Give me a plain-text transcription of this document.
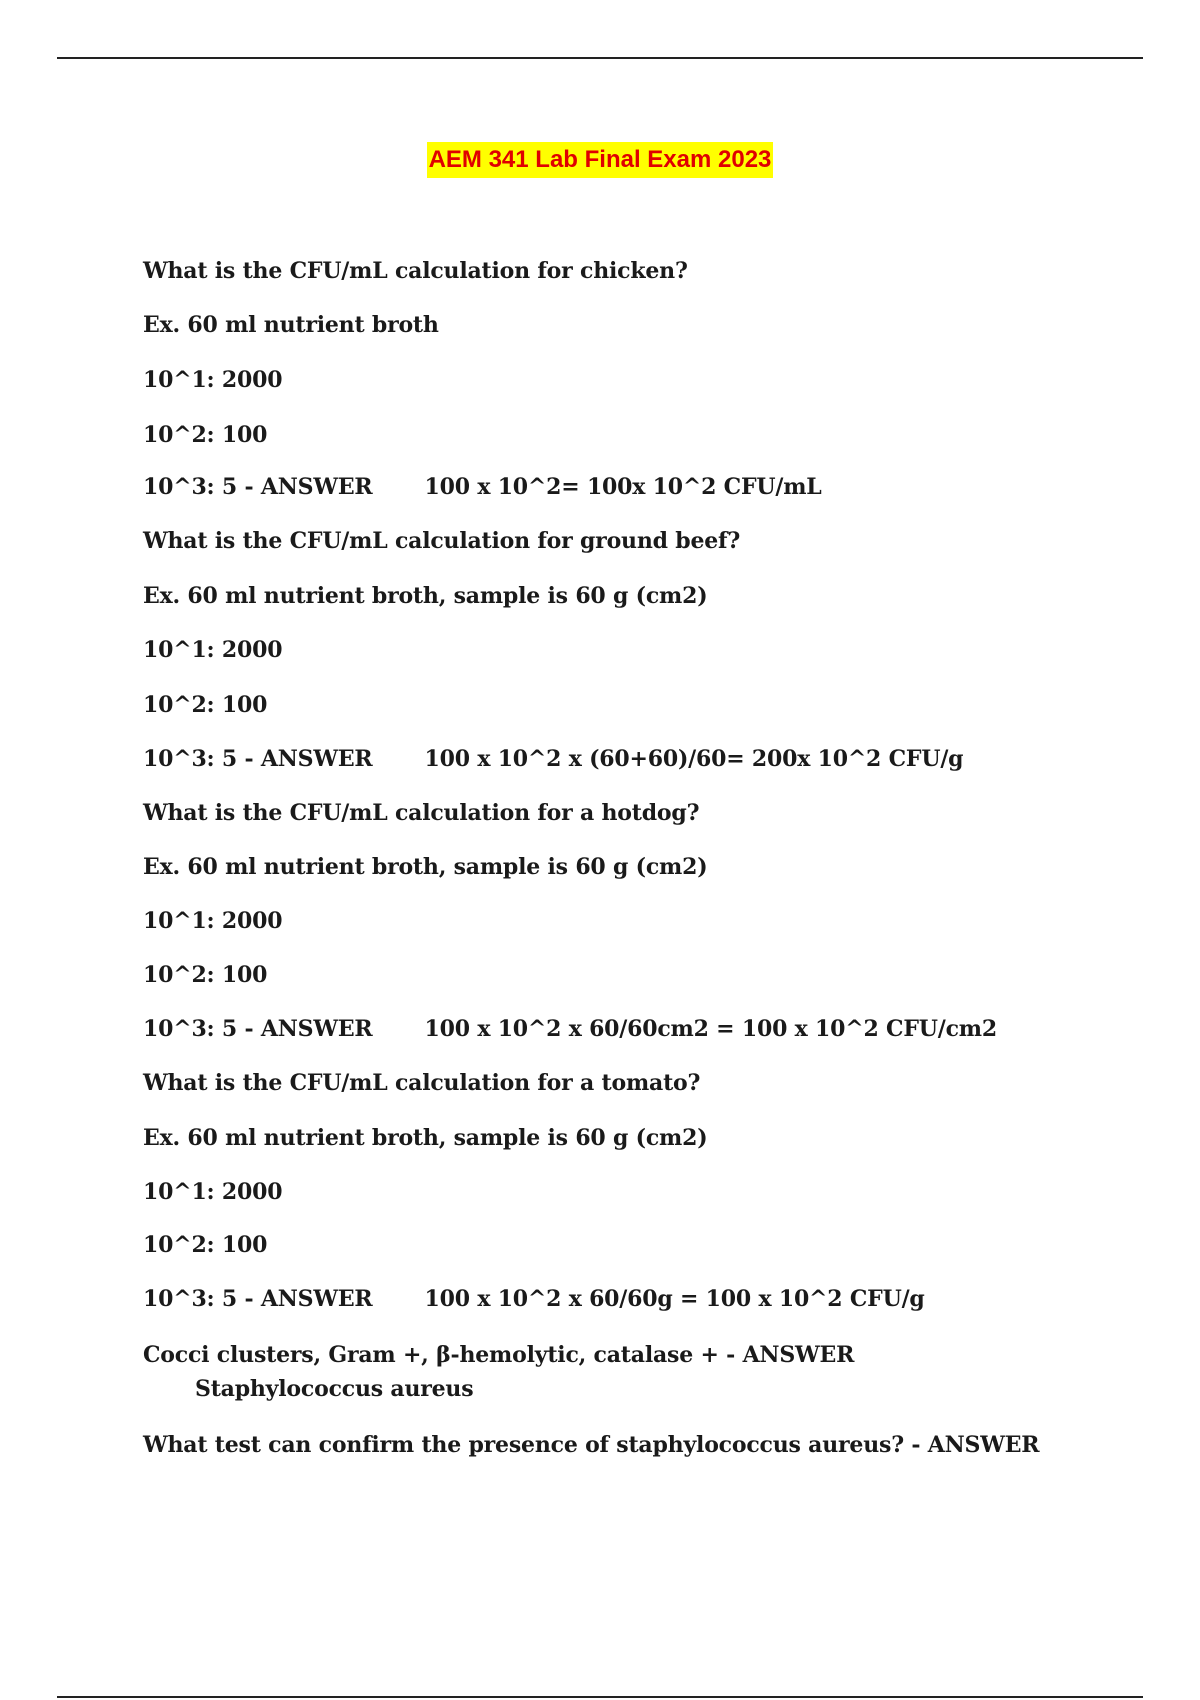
AEM 341 Lab Final Exam 2023
What is the CFU/mL calculation for chicken?
Ex. 60 ml nutrient broth
10^1: 2000
10^2: 100
10^3: 5 - ANSWER 100 x 10^2= 100x 10^2 CFU/mL
What is the CFU/mL calculation for ground beef?
Ex. 60 ml nutrient broth, sample is 60 g (cm2)
10^1: 2000
10^2: 100
10^3: 5 - ANSWER 100 x 10^2 x (60+60)/60= 200x 10^2 CFU/g
What is the CFU/mL calculation for a hotdog?
Ex. 60 ml nutrient broth, sample is 60 g (cm2)
10^1: 2000
10^2: 100
10^3: 5 - ANSWER 100 x 10^2 x 60/60cm2 = 100 x 10^2 CFU/cm2
What is the CFU/mL calculation for a tomato?
Ex. 60 ml nutrient broth, sample is 60 g (cm2)
10^1: 2000
10^2: 100
10^3: 5 - ANSWER 100 x 10^2 x 60/60g = 100 x 10^2 CFU/g
Cocci clusters, Gram +, β-hemolytic, catalase + - ANSWERStaphylococcus aureus
What test can confirm the presence of staphylococcus aureus? - ANSWER
